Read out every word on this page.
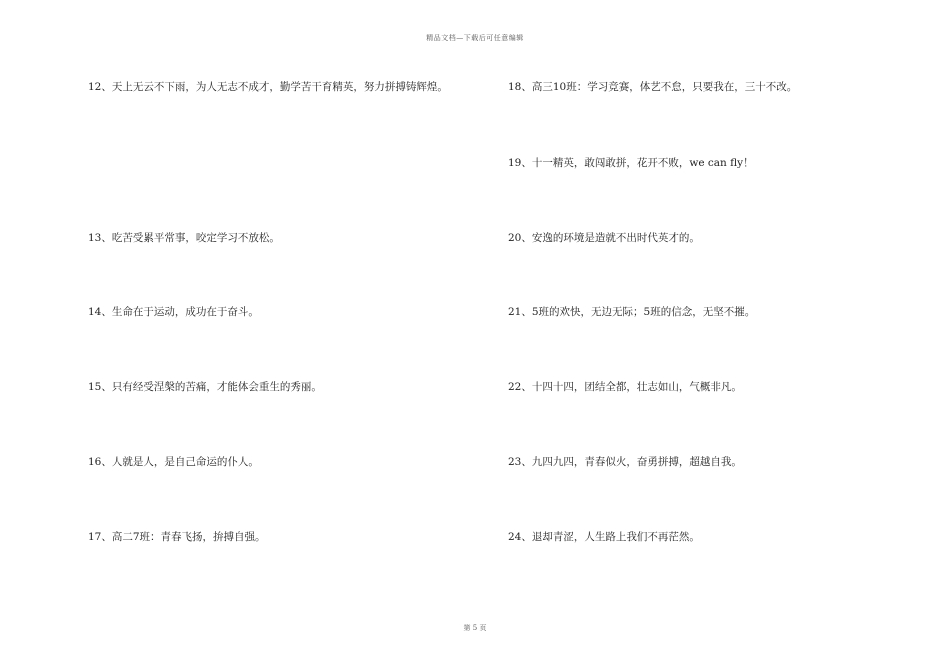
精品文档—下载后可任意编辑
12、天上无云不下雨，为人无志不成才，勤学苦干育精英，努力拼搏铸辉煌。
13、吃苦受累平常事，咬定学习不放松。
14、生命在于运动，成功在于奋斗。
15、只有经受涅槃的苦痛，才能体会重生的秀丽。
16、人就是人，是自己命运的仆人。
17、高二7班：青春飞扬，拚搏自强。
18、高三10班：学习竞赛，体艺不怠，只要我在，三十不改。
19、十一精英，敢闯敢拼，花开不败，we can fly！
20、安逸的环境是造就不出时代英才的。
21、5班的欢快，无边无际；5班的信念，无坚不摧。
22、十四十四，团结全都，壮志如山，气概非凡。
23、九四九四，青春似火，奋勇拼搏，超越自我。
24、退却青涩，人生路上我们不再茫然。
第 5 页
